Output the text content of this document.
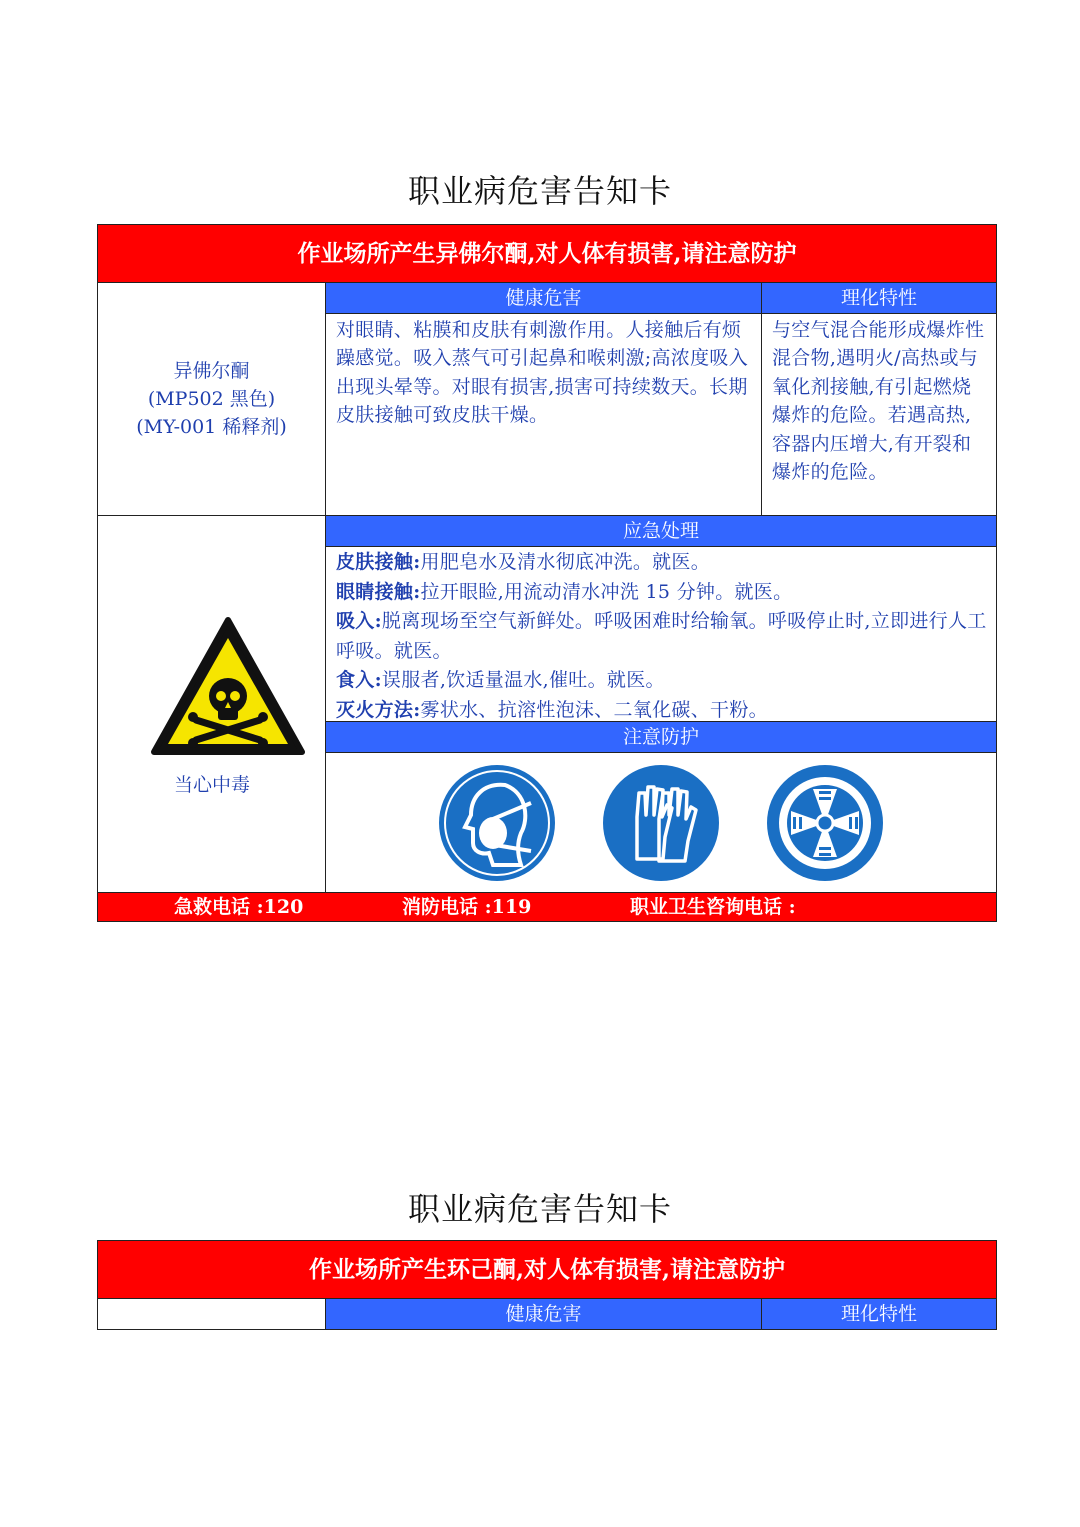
职业病危害告知卡
作业场所产生异佛尔酮,对人体有损害,请注意防护
异佛尔酮
(MP502 黑色)
(MY-001 稀释剂)
健康危害	理化特性
对眼睛、粘膜和皮肤有刺激作用。人接触后有烦躁感觉。吸入蒸气可引起鼻和喉刺激;高浓度吸入出现头晕等。对眼有损害,损害可持续数天。长期皮肤接触可致皮肤干燥。
与空气混合能形成爆炸性混合物,遇明火/高热或与氧化剂接触,有引起燃烧爆炸的危险。若遇高热,容器内压增大,有开裂和爆炸的危险。
当心中毒
应急处理
皮肤接触:用肥皂水及清水彻底冲洗。就医。
眼睛接触:拉开眼睑,用流动清水冲洗 15 分钟。就医。
吸入:脱离现场至空气新鲜处。呼吸困难时给输氧。呼吸停止时,立即进行人工呼吸。就医。
食入:误服者,饮适量温水,催吐。就医。
灭火方法:雾状水、抗溶性泡沫、二氧化碳、干粉。
注意防护
急救电话 :120	消防电话 :119	职业卫生咨询电话 :
职业病危害告知卡
作业场所产生环己酮,对人体有损害,请注意防护
健康危害	理化特性
